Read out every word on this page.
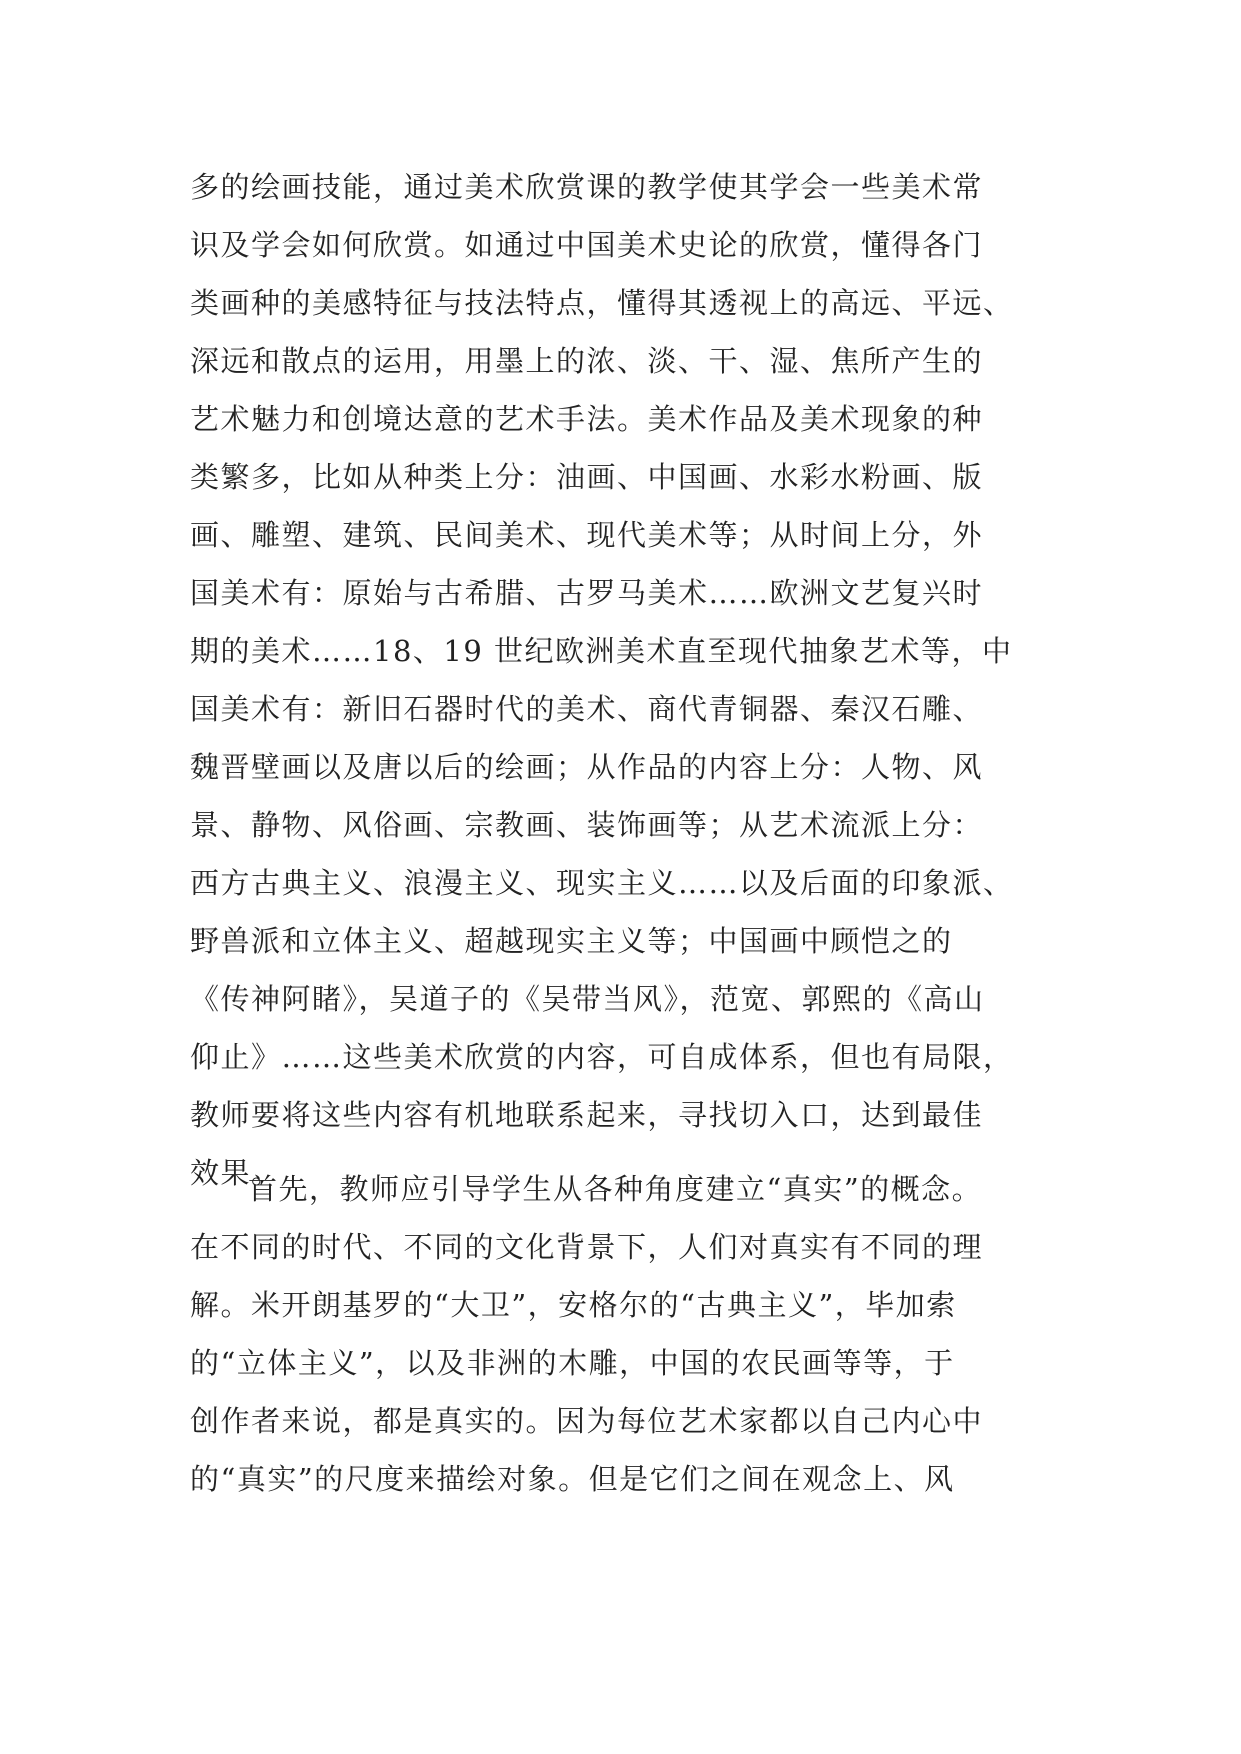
多的绘画技能，通过美术欣赏课的教学使其学会一些美术常
识及学会如何欣赏。如通过中国美术史论的欣赏，懂得各门
类画种的美感特征与技法特点，懂得其透视上的高远、平远、
深远和散点的运用，用墨上的浓、淡、干、湿、焦所产生的
艺术魅力和创境达意的艺术手法。美术作品及美术现象的种
类繁多，比如从种类上分：油画、中国画、水彩水粉画、版
画、雕塑、建筑、民间美术、现代美术等；从时间上分，外
国美术有：原始与古希腊、古罗马美术……欧洲文艺复兴时
期的美术……18、19 世纪欧洲美术直至现代抽象艺术等，中
国美术有：新旧石器时代的美术、商代青铜器、秦汉石雕、
魏晋壁画以及唐以后的绘画；从作品的内容上分：人物、风
景、静物、风俗画、宗教画、装饰画等；从艺术流派上分：
西方古典主义、浪漫主义、现实主义……以及后面的印象派、
野兽派和立体主义、超越现实主义等；中国画中顾恺之的
《传神阿睹》，吴道子的《吴带当风》，范宽、郭熙的《高山
仰止》……这些美术欣赏的内容，可自成体系，但也有局限，
教师要将这些内容有机地联系起来，寻找切入口，达到最佳
效果。
首先，教师应引导学生从各种角度建立“真实”的概念。
在不同的时代、不同的文化背景下，人们对真实有不同的理
解。米开朗基罗的“大卫”，安格尔的“古典主义”，毕加索
的“立体主义”，以及非洲的木雕，中国的农民画等等，于
创作者来说，都是真实的。因为每位艺术家都以自己内心中
的“真实”的尺度来描绘对象。但是它们之间在观念上、风
